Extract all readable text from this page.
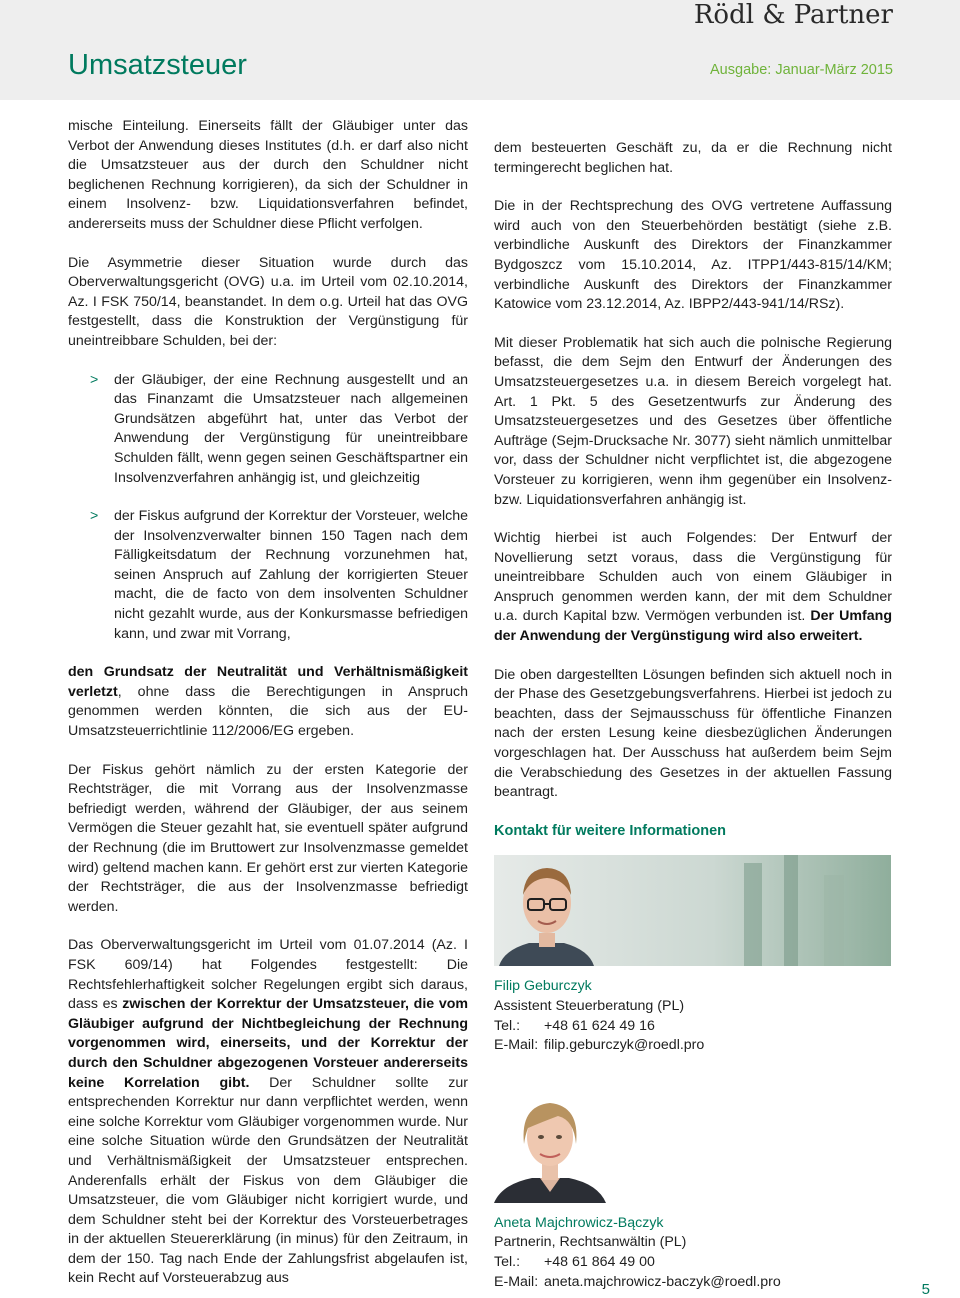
Rödl & Partner
Umsatzsteuer	Ausgabe: Januar-März 2015

mische Einteilung. Einerseits fällt der Gläubiger unter das Verbot der Anwendung dieses Institutes (d.h. er darf also nicht die Umsatzsteuer aus der durch den Schuldner nicht beglichenen Rechnung korrigieren), da sich der Schuldner in einem Insolvenz- bzw. Liquidationsverfahren befindet, andererseits muss der Schuldner diese Pflicht verfolgen.

Die Asymmetrie dieser Situation wurde durch das Oberverwaltungsgericht (OVG) u.a. im Urteil vom 02.10.2014, Az. I FSK 750/14, beanstandet. In dem o.g. Urteil hat das OVG festgestellt, dass die Konstruktion der Vergünstigung für uneintreibbare Schulden, bei der:

> der Gläubiger, der eine Rechnung ausgestellt und an das Finanzamt die Umsatzsteuer nach allgemeinen Grundsätzen abgeführt hat, unter das Verbot der Anwendung der Vergünstigung für uneintreibbare Schulden fällt, wenn gegen seinen Geschäftspartner ein Insolvenzverfahren anhängig ist, und gleichzeitig
> der Fiskus aufgrund der Korrektur der Vorsteuer, welche der Insolvenzverwalter binnen 150 Tagen nach dem Fälligkeitsdatum der Rechnung vorzunehmen hat, seinen Anspruch auf Zahlung der korrigierten Steuer macht, die de facto von dem insolventen Schuldner nicht gezahlt wurde, aus der Konkursmasse befriedigen kann, und zwar mit Vorrang,

den Grundsatz der Neutralität und Verhältnismäßigkeit verletzt, ohne dass die Berechtigungen in Anspruch genommen werden könnten, die sich aus der EU-Umsatzsteuerrichtlinie 112/2006/EG ergeben.

Der Fiskus gehört nämlich zu der ersten Kategorie der Rechtsträger, die mit Vorrang aus der Insolvenzmasse befriedigt werden, während der Gläubiger, der aus seinem Vermögen die Steuer gezahlt hat, sie eventuell später aufgrund der Rechnung (die im Bruttowert zur Insolvenzmasse gemeldet wird) geltend machen kann. Er gehört erst zur vierten Kategorie der Rechtsträger, die aus der Insolvenzmasse befriedigt werden.

Das Oberverwaltungsgericht im Urteil vom 01.07.2014 (Az. I FSK 609/14) hat Folgendes festgestellt: Die Rechtsfehlerhaftigkeit solcher Regelungen ergibt sich daraus, dass es zwischen der Korrektur der Umsatzsteuer, die vom Gläubiger aufgrund der Nichtbegleichung der Rechnung vorgenommen wird, einerseits, und der Korrektur der durch den Schuldner abgezogenen Vorsteuer andererseits keine Korrelation gibt. Der Schuldner sollte zur entsprechenden Korrektur nur dann verpflichtet werden, wenn eine solche Korrektur vom Gläubiger vorgenommen wurde. Nur eine solche Situation würde den Grundsätzen der Neutralität und Verhältnismäßigkeit der Umsatzsteuer entsprechen. Anderenfalls erhält der Fiskus von dem Gläubiger die Umsatzsteuer, die vom Gläubiger nicht korrigiert wurde, und dem Schuldner steht bei der Korrektur des Vorsteuerbetrages in der aktuellen Steuererklärung (in minus) für den Zeitraum, in dem der 150. Tag nach Ende der Zahlungsfrist abgelaufen ist, kein Recht auf Vorsteuerabzug aus

dem besteuerten Geschäft zu, da er die Rechnung nicht termingerecht beglichen hat.

Die in der Rechtsprechung des OVG vertretene Auffassung wird auch von den Steuerbehörden bestätigt (siehe z.B. verbindliche Auskunft des Direktors der Finanzkammer Bydgoszcz vom 15.10.2014, Az. ITPP1/443-815/14/KM; verbindliche Auskunft des Direktors der Finanzkammer Katowice vom 23.12.2014, Az. IBPP2/443-941/14/RSz).

Mit dieser Problematik hat sich auch die polnische Regierung befasst, die dem Sejm den Entwurf der Änderungen des Umsatzsteuergesetzes u.a. in diesem Bereich vorgelegt hat. Art. 1 Pkt. 5 des Gesetzentwurfs zur Änderung des Umsatzsteuergesetzes und des Gesetzes über öffentliche Aufträge (Sejm-Drucksache Nr. 3077) sieht nämlich unmittelbar vor, dass der Schuldner nicht verpflichtet ist, die abgezogene Vorsteuer zu korrigieren, wenn ihm gegenüber ein Insolvenz- bzw. Liquidationsverfahren anhängig ist.

Wichtig hierbei ist auch Folgendes: Der Entwurf der Novellierung setzt voraus, dass die Vergünstigung für uneintreibbare Schulden auch von einem Gläubiger in Anspruch genommen werden kann, der mit dem Schuldner u.a. durch Kapital bzw. Vermögen verbunden ist. Der Umfang der Anwendung der Vergünstigung wird also erweitert.

Die oben dargestellten Lösungen befinden sich aktuell noch in der Phase des Gesetzgebungsverfahrens. Hierbei ist jedoch zu beachten, dass der Sejmausschuss für öffentliche Finanzen nach der ersten Lesung keine diesbezüglichen Änderungen vorgeschlagen hat. Der Ausschuss hat außerdem beim Sejm die Verabschiedung des Gesetzes in der aktuellen Fassung beantragt.

Kontakt für weitere Informationen
Filip Geburczyk
Assistent Steuerberatung (PL)
Tel.: +48 61 624 49 16
E-Mail: filip.geburczyk@roedl.pro
Aneta Majchrowicz-Bączyk
Partnerin, Rechtsanwältin (PL)
Tel.: +48 61 864 49 00
E-Mail: aneta.majchrowicz-baczyk@roedl.pro	5
